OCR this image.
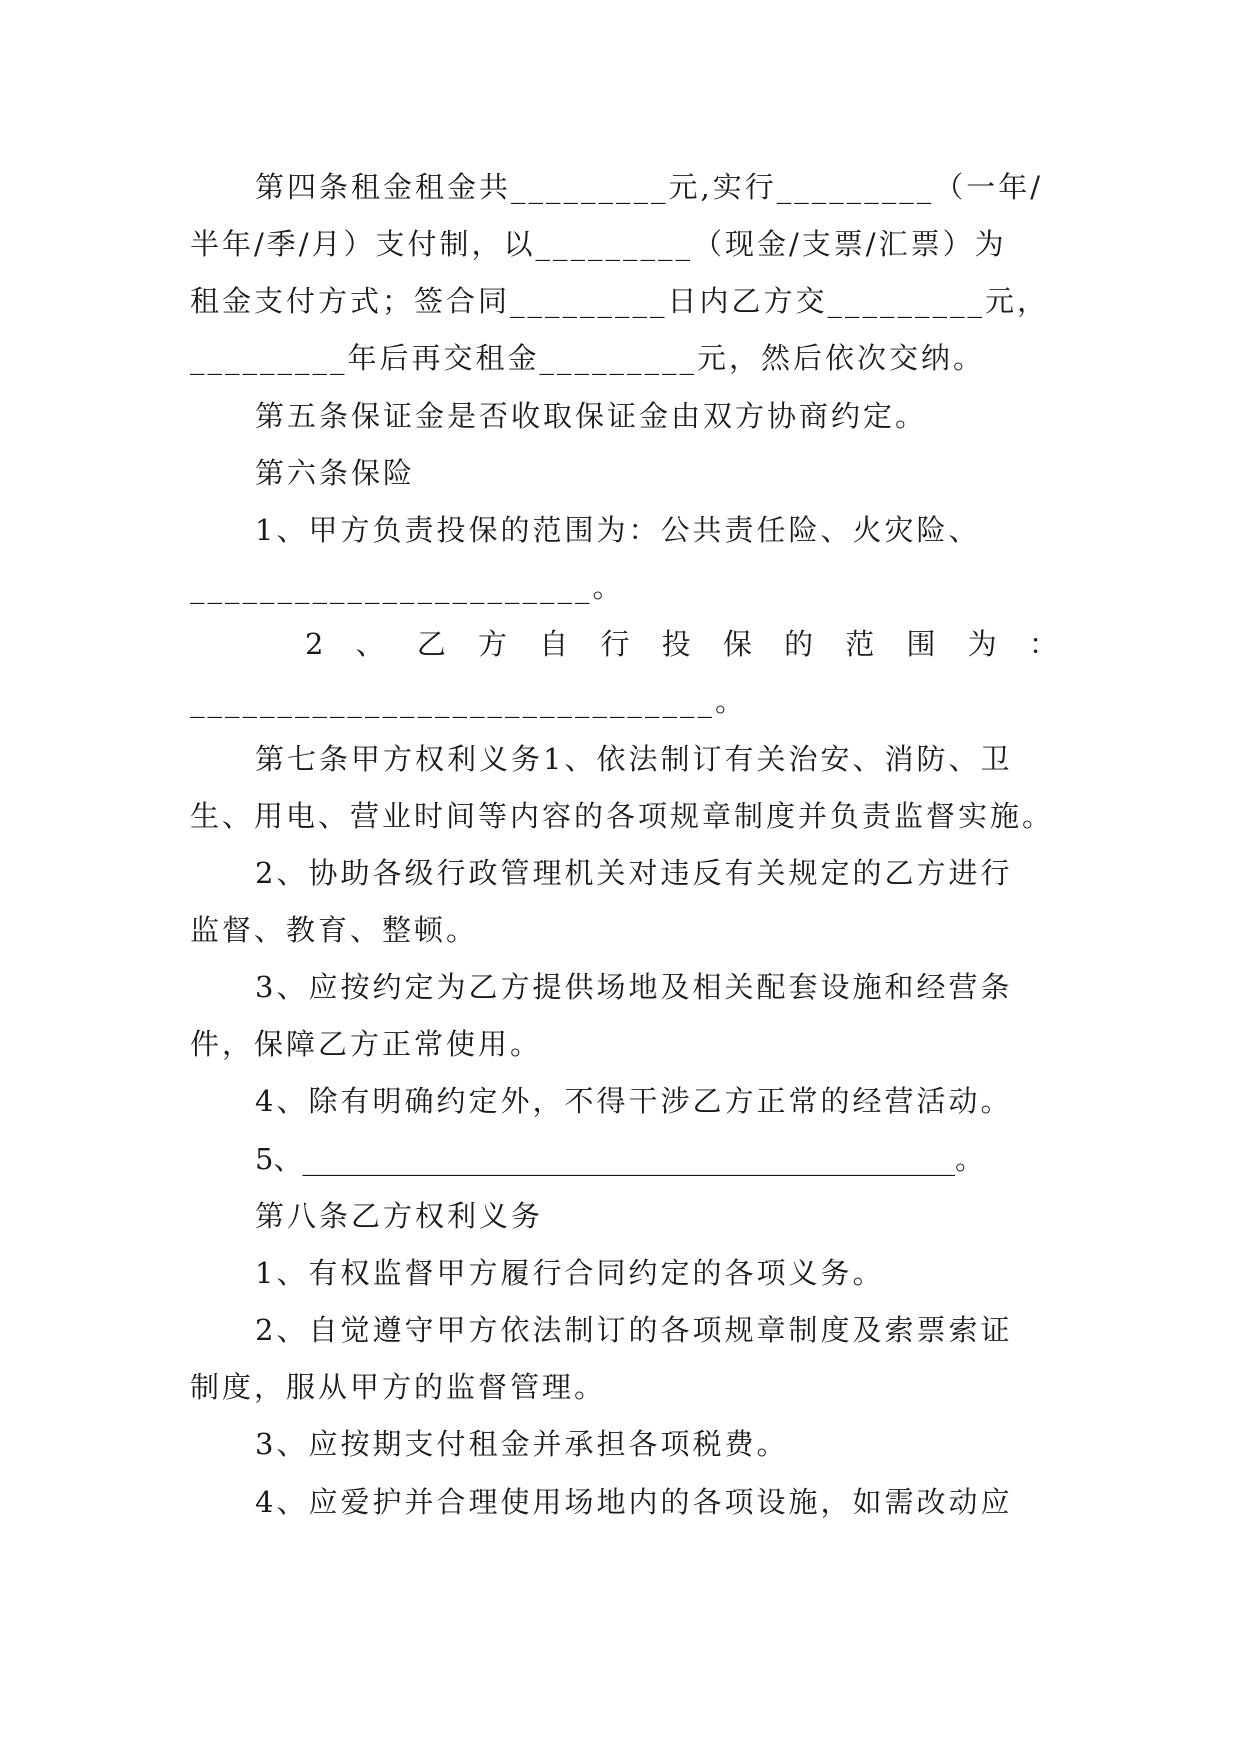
第四条租金租金共_________元,实行_________（一年/
半年/季/月）支付制，以_________（现金/支票/汇票）为
租金支付方式；签合同_________日内乙方交_________元，
_________年后再交租金_________元，然后依次交纳。
第五条保证金是否收取保证金由双方协商约定。
第六条保险
1、甲方负责投保的范围为：公共责任险、火灾险、
_______________________。
2 、 乙 方 自 行 投 保 的 范 围 为 ：
______________________________。
第七条甲方权利义务1、依法制订有关治安、消防、卫
生、用电、营业时间等内容的各项规章制度并负责监督实施。
2、协助各级行政管理机关对违反有关规定的乙方进行
监督、教育、整顿。
3、应按约定为乙方提供场地及相关配套设施和经营条
件，保障乙方正常使用。
4、除有明确约定外，不得干涉乙方正常的经营活动。
5、_____________________________________________。
第八条乙方权利义务
1、有权监督甲方履行合同约定的各项义务。
2、自觉遵守甲方依法制订的各项规章制度及索票索证
制度，服从甲方的监督管理。
3、应按期支付租金并承担各项税费。
4、应爱护并合理使用场地内的各项设施，如需改动应
